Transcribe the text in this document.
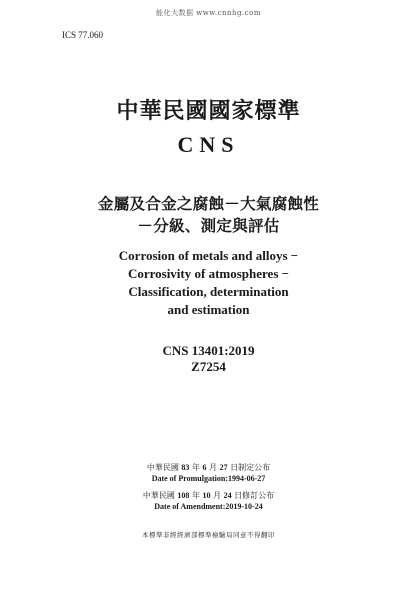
能化大数据 www.cnnhg.com
ICS 77.060
中華民國國家標準
CNS
金屬及合金之腐蝕－大氣腐蝕性
－分級、測定與評估
Corrosion of metals and alloys −
Corrosivity of atmospheres −
Classification, determination
and estimation
CNS 13401:2019
Z7254
中華民國 83 年 6 月 27 日制定公布
Date of Promulgation:1994-06-27
中華民國 108 年 10 月 24 日修訂公布
Date of Amendment:2019-10-24
本標準非經經濟部標準檢驗局同意不得翻印
